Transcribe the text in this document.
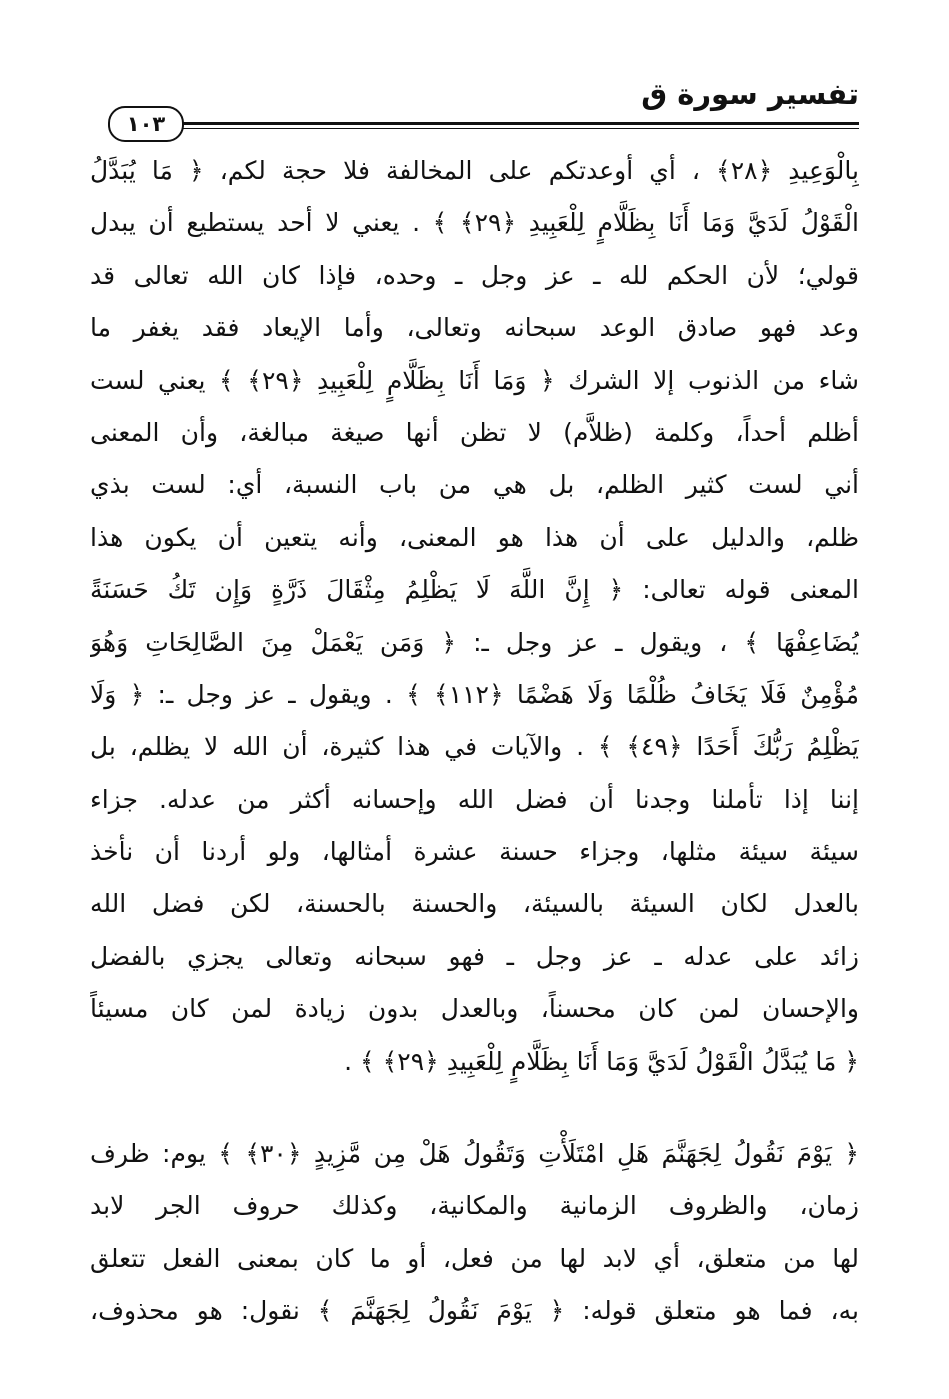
تفسير سورة ق
١٠٣
بِالْوَعِيدِ ﴿٢٨﴾ ، أي أوعدتكم على المخالفة فلا حجة لكم، ﴿ مَا يُبَدَّلُ
الْقَوْلُ لَدَيَّ وَمَا أَنَا بِظَلَّامٍ لِلْعَبِيدِ ﴿٢٩﴾ ﴾ . يعني لا أحد يستطيع أن يبدل
قولي؛ لأن الحكم لله ـ عز وجل ـ وحده، فإذا كان الله تعالى قد
وعد فهو صادق الوعد سبحانه وتعالى، وأما الإيعاد فقد يغفر ما
شاء من الذنوب إلا الشرك ﴿ وَمَا أَنَا بِظَلَّامٍ لِلْعَبِيدِ ﴿٢٩﴾ ﴾ يعني لست
أظلم أحداً، وكلمة (ظلاَّم) لا تظن أنها صيغة مبالغة، وأن المعنى
أني لست كثير الظلم، بل هي من باب النسبة، أي: لست بذي
ظلم، والدليل على أن هذا هو المعنى، وأنه يتعين أن يكون هذا
المعنى قوله تعالى: ﴿ إِنَّ اللَّهَ لَا يَظْلِمُ مِثْقَالَ ذَرَّةٍ وَإِن تَكُ حَسَنَةً
يُضَاعِفْهَا ﴾ ، ويقول ـ عز وجل ـ: ﴿ وَمَن يَعْمَلْ مِنَ الصَّالِحَاتِ وَهُوَ
مُؤْمِنٌ فَلَا يَخَافُ ظُلْمًا وَلَا هَضْمًا ﴿١١٢﴾ ﴾ . ويقول ـ عز وجل ـ: ﴿ وَلَا
يَظْلِمُ رَبُّكَ أَحَدًا ﴿٤٩﴾ ﴾ . والآيات في هذا كثيرة، أن الله لا يظلم، بل
إننا إذا تأملنا وجدنا أن فضل الله وإحسانه أكثر من عدله. جزاء
سيئة سيئة مثلها، وجزاء حسنة عشرة أمثالها، ولو أردنا أن نأخذ
بالعدل لكان السيئة بالسيئة، والحسنة بالحسنة، لكن فضل الله
زائد على عدله ـ عز وجل ـ فهو سبحانه وتعالى يجزي بالفضل
والإحسان لمن كان محسناً، وبالعدل بدون زيادة لمن كان مسيئاً
﴿ مَا يُبَدَّلُ الْقَوْلُ لَدَيَّ وَمَا أَنَا بِظَلَّامٍ لِلْعَبِيدِ ﴿٢٩﴾ ﴾ .
﴿ يَوْمَ نَقُولُ لِجَهَنَّمَ هَلِ امْتَلَأْتِ وَتَقُولُ هَلْ مِن مَّزِيدٍ ﴿٣٠﴾ ﴾ يوم: ظرف
زمان، والظروف الزمانية والمكانية، وكذلك حروف الجر لابد
لها من متعلق، أي لابد لها من فعل، أو ما كان بمعنى الفعل تتعلق
به، فما هو متعلق قوله: ﴿ يَوْمَ نَقُولُ لِجَهَنَّمَ ﴾ نقول: هو محذوف،
